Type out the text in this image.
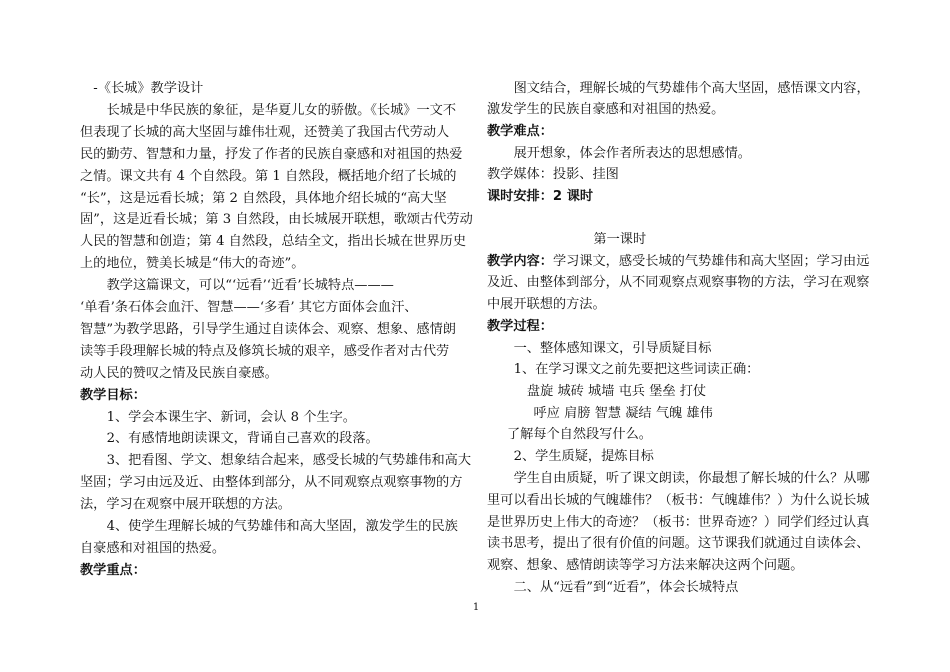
-《长城》教学设计
长城是中华民族的象征，是华夏儿女的骄傲。《长城》一文不
但表现了长城的高大坚固与雄伟壮观，还赞美了我国古代劳动人
民的勤劳、智慧和力量，抒发了作者的民族自豪感和对祖国的热爱
之情。课文共有 4 个自然段。第 1 自然段，概括地介绍了长城的
“长”，这是远看长城；第 2 自然段，具体地介绍长城的“高大坚
固”，这是近看长城；第 3 自然段，由长城展开联想，歌颂古代劳动
人民的智慧和创造；第 4 自然段，总结全文，指出长城在世界历史
上的地位，赞美长城是“伟大的奇迹”。
教学这篇课文，可以“‘远看’‘近看’长城特点———
‘单看’条石体会血汗、智慧——‘多看’ 其它方面体会血汗、
智慧”为教学思路，引导学生通过自读体会、观察、想象、感情朗
读等手段理解长城的特点及修筑长城的艰辛，感受作者对古代劳
动人民的赞叹之情及民族自豪感。
教学目标：
1、学会本课生字、新词，会认 8 个生字。
2、有感情地朗读课文，背诵自己喜欢的段落。
3、把看图、学文、想象结合起来，感受长城的气势雄伟和高大
坚固；学习由远及近、由整体到部分，从不同观察点观察事物的方
法，学习在观察中展开联想的方法。
4、使学生理解长城的气势雄伟和高大坚固，激发学生的民族
自豪感和对祖国的热爱。
教学重点：
图文结合，理解长城的气势雄伟个高大坚固，感悟课文内容，
激发学生的民族自豪感和对祖国的热爱。
教学难点：
展开想象，体会作者所表达的思想感情。
教学媒体：投影、挂图
课时安排：2 课时
第一课时
教学内容：学习课文，感受长城的气势雄伟和高大坚固；学习由远
及近、由整体到部分，从不同观察点观察事物的方法，学习在观察
中展开联想的方法。
教学过程：
一、整体感知课文，引导质疑目标
1、在学习课文之前先要把这些词读正确：
盘旋 城砖 城墙 屯兵 堡垒 打仗
呼应 肩膀 智慧 凝结 气魄 雄伟
了解每个自然段写什么。
2、学生质疑，提炼目标
学生自由质疑，听了课文朗读，你最想了解长城的什么？从哪
里可以看出长城的气魄雄伟？（板书：气魄雄伟？）为什么说长城
是世界历史上伟大的奇迹？（板书：世界奇迹？）同学们经过认真
读书思考，提出了很有价值的问题。这节课我们就通过自读体会、
观察、想象、感情朗读等学习方法来解决这两个问题。
二、从“远看”到“近看”，体会长城特点
1
